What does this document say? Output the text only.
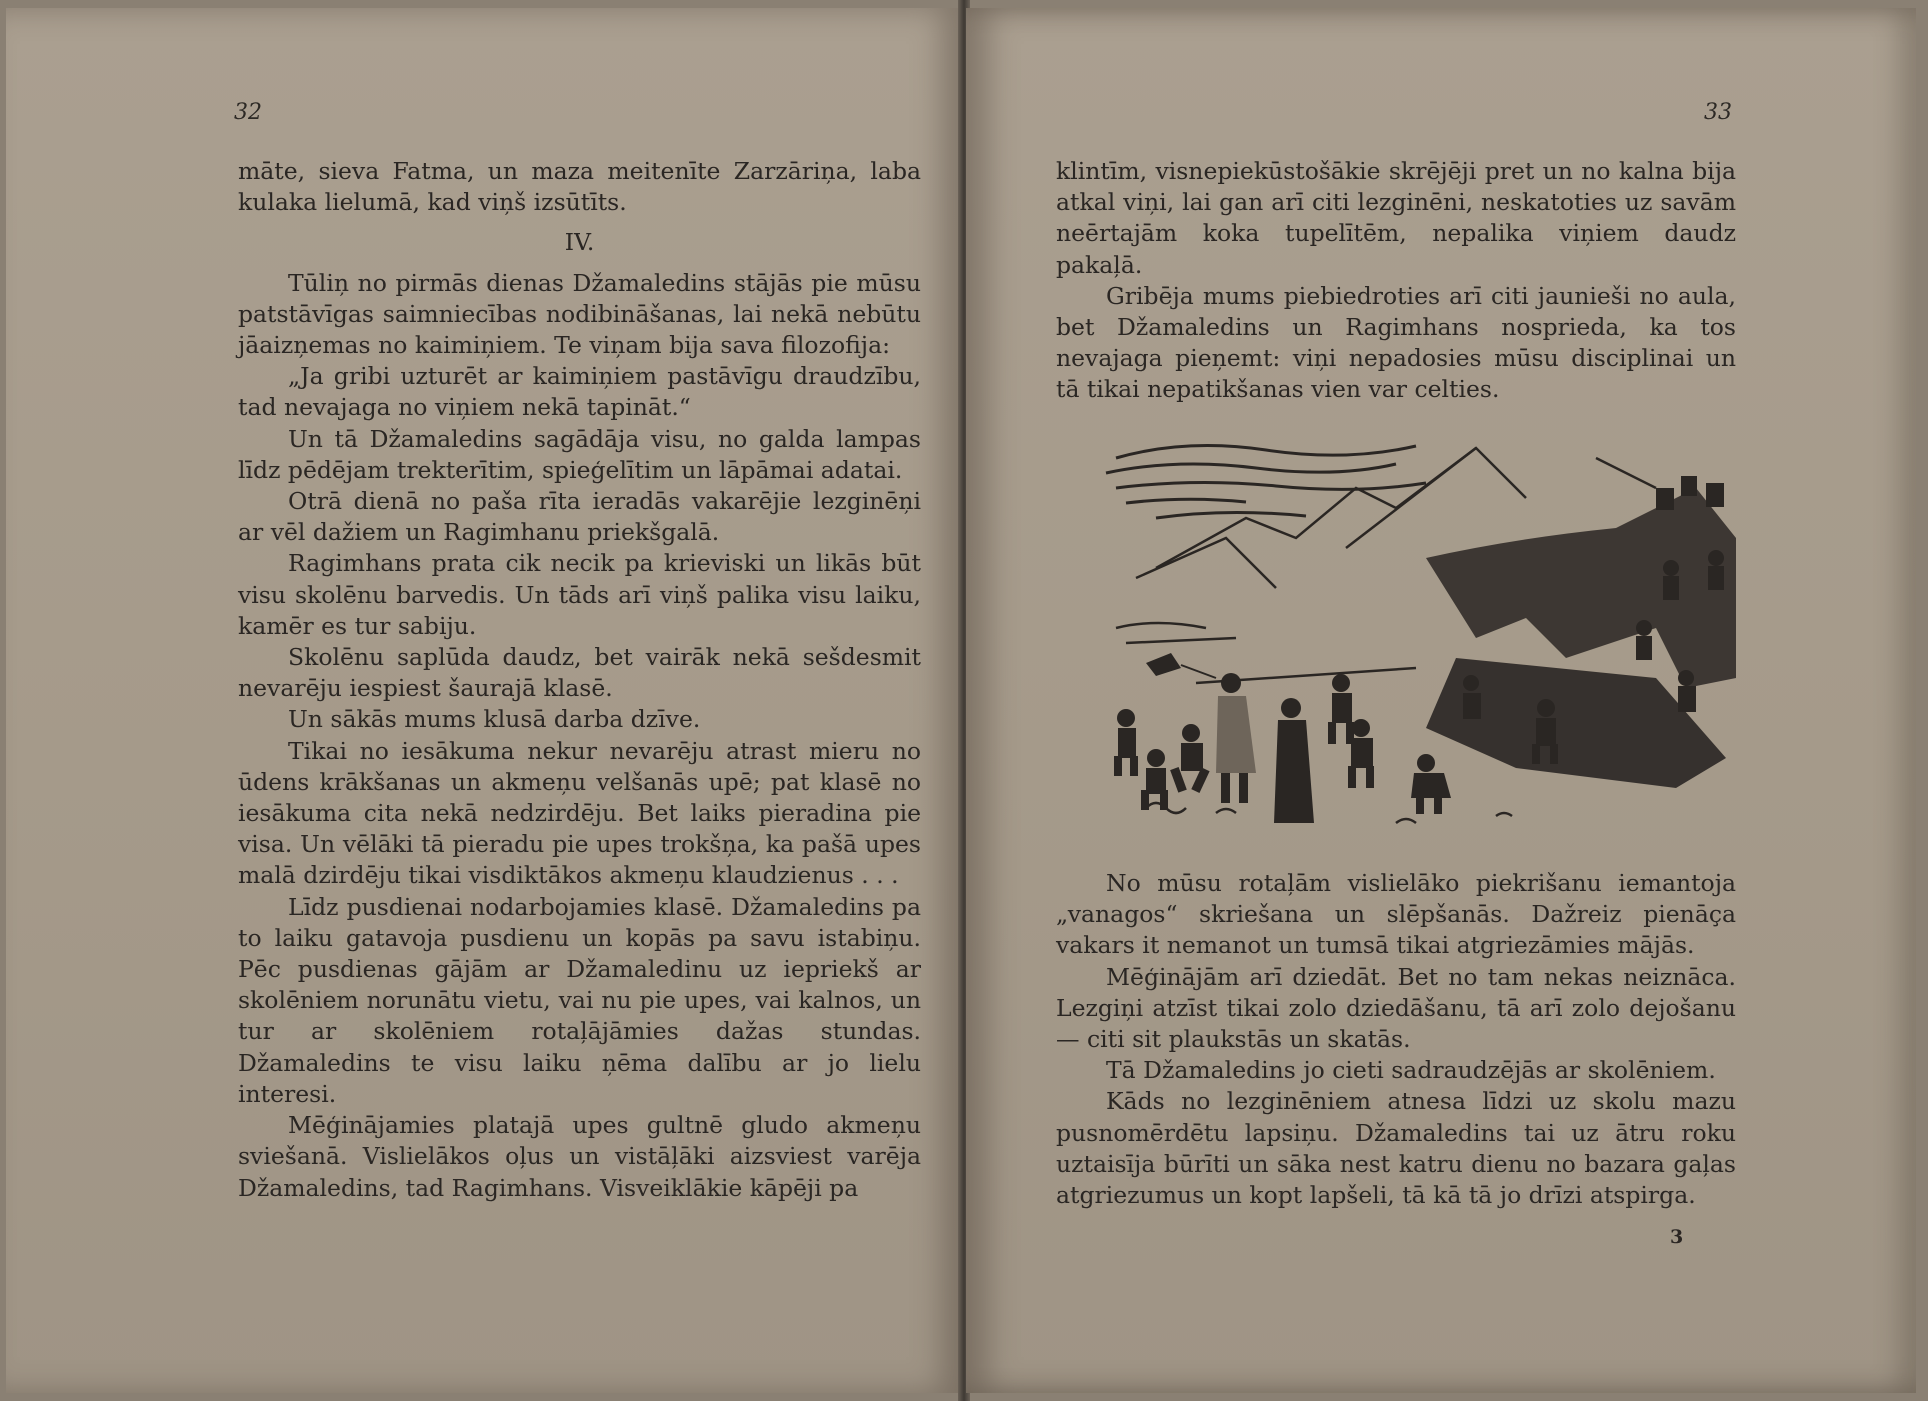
32

māte, sieva Fatma, un maza meitenīte Zarzāriņa, laba kulaka lielumā, kad viņš izsūtīts.

IV.

Tūliņ no pirmās dienas Džamaledins stājās pie mūsu patstāvīgas saimniecības nodibināšanas, lai nekā nebūtu jāaizņemas no kaimiņiem. Te viņam bija sava filozofija:

„Ja gribi uzturēt ar kaimiņiem pastāvīgu draudzību, tad nevajaga no viņiem nekā tapināt.“

Un tā Džamaledins sagādāja visu, no galda lampas līdz pēdējam trekterītim, spieģelītim un lāpāmai adatai.

Otrā dienā no paša rīta ieradās vakarējie lezginēņi ar vēl dažiem un Ragimhanu priekšgalā.

Ragimhans prata cik necik pa krieviski un likās būt visu skolēnu barvedis. Un tāds arī viņš palika visu laiku, kamēr es tur sabiju.

Skolēnu saplūda daudz, bet vairāk nekā sešdesmit nevarēju iespiest šaurajā klasē.

Un sākās mums klusā darba dzīve.

Tikai no iesākuma nekur nevarēju atrast mieru no ūdens krākšanas un akmeņu velšanās upē; pat klasē no iesākuma cita nekā nedzirdēju. Bet laiks pieradina pie visa. Un vēlāki tā pieradu pie upes trokšņa, ka pašā upes malā dzirdēju tikai visdiktākos akmeņu klaudzienus . . .

Līdz pusdienai nodarbojamies klasē. Džamaledins pa to laiku gatavoja pusdienu un kopās pa savu istabiņu. Pēc pusdienas gājām ar Džamaledinu uz iepriekš ar skolēniem norunātu vietu, vai nu pie upes, vai kalnos, un tur ar skolēniem rotaļājāmies dažas stundas. Džamaledins te visu laiku ņēma dalību ar jo lielu interesi.

Mēģinājamies platajā upes gultnē gludo akmeņu sviešanā. Vislielākos oļus un vistāļāki aizsviest varēja Džamaledins, tad Ragimhans. Visveiklākie kāpēji pa

33

klintīm, visnepiekūstošākie skrējēji pret un no kalna bija atkal viņi, lai gan arī citi lezginēni, neskatoties uz savām neērtajām koka tupelītēm, nepalika viņiem daudz pakaļā.

Gribēja mums piebiedroties arī citi jaunieši no aula, bet Džamaledins un Ragimhans nosprieda, ka tos nevajaga pieņemt: viņi nepadosies mūsu disciplinai un tā tikai nepatikšanas vien var celties.

No mūsu rotaļām vislielāko piekrišanu iemantoja „vanagos“ skriešana un slēpšanās. Dažreiz pienāça vakars it nemanot un tumsā tikai atgriezāmies mājās.

Mēģinājām arī dziedāt. Bet no tam nekas neiznāca. Lezgiņi atzīst tikai zolo dziedāšanu, tā arī zolo dejošanu — citi sit plaukstās un skatās.

Tā Džamaledins jo cieti sadraudzējās ar skolēniem.

Kāds no lezginēniem atnesa līdzi uz skolu mazu pusnomērdētu lapsiņu. Džamaledins tai uz ātru roku uztaisīja būrīti un sāka nest katru dienu no bazara gaļas atgriezumus un kopt lapšeli, tā kā tā jo drīzi atspirga.

3
